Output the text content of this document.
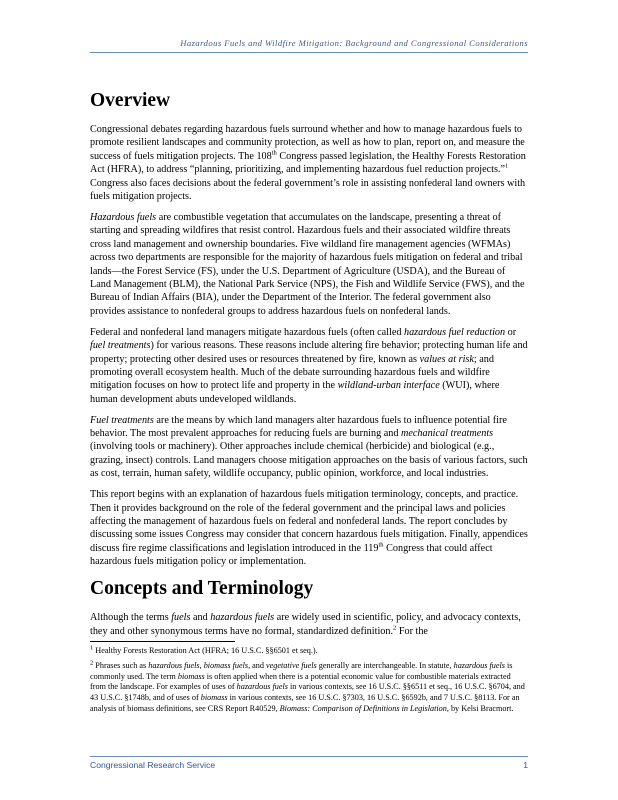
Hazardous Fuels and Wildfire Mitigation: Background and Congressional Considerations
Overview

Congressional debates regarding hazardous fuels surround whether and how to manage hazardous fuels to promote resilient landscapes and community protection, as well as how to plan, report on, and measure the success of fuels mitigation projects. The 108th Congress passed legislation, the Healthy Forests Restoration Act (HFRA), to address “planning, prioritizing, and implementing hazardous fuel reduction projects.”$^1$ Congress also faces decisions about the federal government’s role in assisting nonfederal land owners with fuels mitigation projects.

Hazardous fuels are combustible vegetation that accumulates on the landscape, presenting a threat of starting and spreading wildfires that resist control. Hazardous fuels and their associated wildfire threats cross land management and ownership boundaries. Five wildland fire management agencies (WFMAs) across two departments are responsible for the majority of hazardous fuels mitigation on federal and tribal lands—the Forest Service (FS), under the U.S. Department of Agriculture (USDA), and the Bureau of Land Management (BLM), the National Park Service (NPS), the Fish and Wildlife Service (FWS), and the Bureau of Indian Affairs (BIA), under the Department of the Interior. The federal government also provides assistance to nonfederal groups to address hazardous fuels on nonfederal lands.

Federal and nonfederal land managers mitigate hazardous fuels (often called hazardous fuel reduction or fuel treatments) for various reasons. These reasons include altering fire behavior; protecting human life and property; protecting other desired uses or resources threatened by fire, known as values at risk; and promoting overall ecosystem health. Much of the debate surrounding hazardous fuels and wildfire mitigation focuses on how to protect life and property in the wildland-urban interface (WUI), where human development abuts undeveloped wildlands.

Fuel treatments are the means by which land managers alter hazardous fuels to influence potential fire behavior. The most prevalent approaches for reducing fuels are burning and mechanical treatments (involving tools or machinery). Other approaches include chemical (herbicide) and biological (e.g., grazing, insect) controls. Land managers choose mitigation approaches on the basis of various factors, such as cost, terrain, human safety, wildlife occupancy, public opinion, workforce, and local industries.

This report begins with an explanation of hazardous fuels mitigation terminology, concepts, and practice. Then it provides background on the role of the federal government and the principal laws and policies affecting the management of hazardous fuels on federal and nonfederal lands. The report concludes by discussing some issues Congress may consider that concern hazardous fuels mitigation. Finally, appendices discuss fire regime classifications and legislation introduced in the 119th Congress that could affect hazardous fuels mitigation policy or implementation.

Concepts and Terminology

Although the terms fuels and hazardous fuels are widely used in scientific, policy, and advocacy contexts, they and other synonymous terms have no formal, standardized definition.$^2$ For the

$^1$ Healthy Forests Restoration Act (HFRA; 16 U.S.C. §§6501 et seq.).

$^2$ Phrases such as hazardous fuels, biomass fuels, and vegetative fuels generally are interchangeable. In statute, hazardous fuels is commonly used. The term biomass is often applied when there is a potential economic value for combustible materials extracted from the landscape. For examples of uses of hazardous fuels in various contexts, see 16 U.S.C. §§6511 et seq., 16 U.S.C. §6704, and 43 U.S.C. §1748b, and of uses of biomass in various contexts, see 16 U.S.C. §7303, 16 U.S.C. §6592b, and 7 U.S.C. §8113. For an analysis of biomass definitions, see CRS Report R40529, Biomass: Comparison of Definitions in Legislation, by Kelsi Bracmort.

Congressional Research Service	1
